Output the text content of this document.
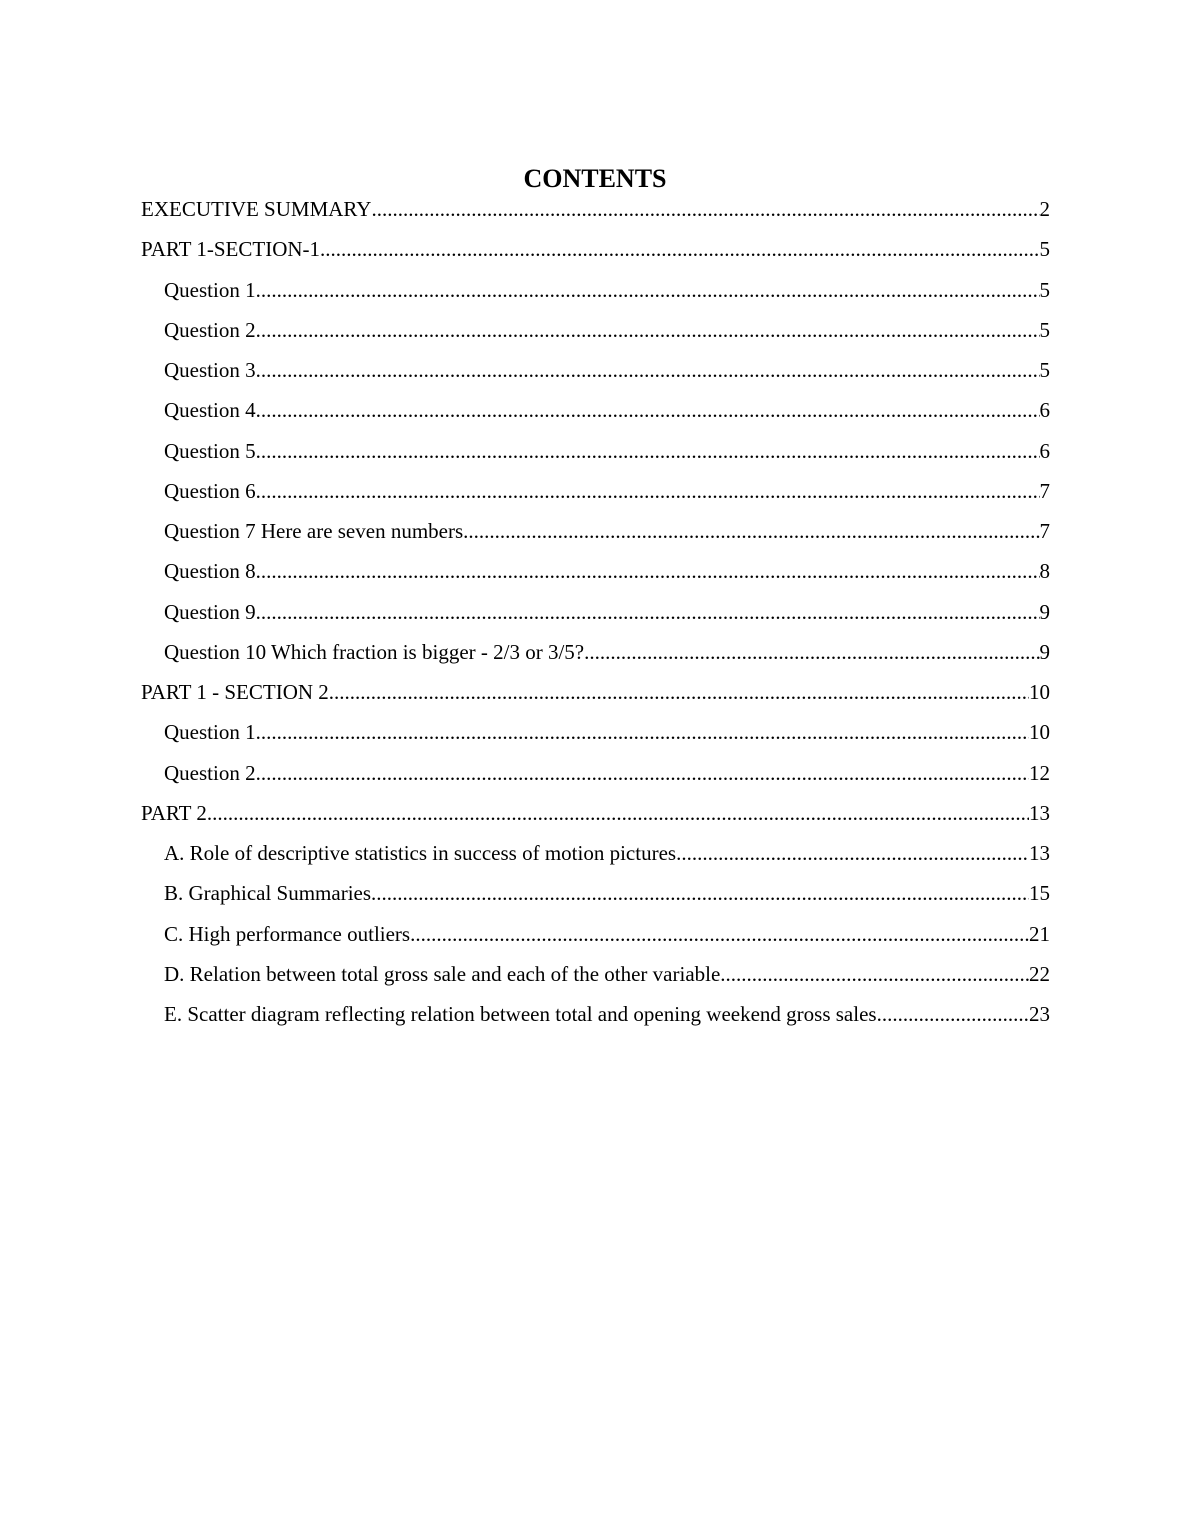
CONTENTS
EXECUTIVE SUMMARY .....	2
PART 1-SECTION-1 .....	5
Question 1 .....	5
Question 2 .....	5
Question 3 .....	5
Question 4 .....	6
Question 5 .....	6
Question 6 .....	7
Question 7 Here are seven numbers .....	7
Question 8 .....	8
Question 9 .....	9
Question 10 Which fraction is bigger - 2/3 or 3/5? .....	9
PART 1 - SECTION 2 .....	10
Question 1 .....	10
Question 2 .....	12
PART 2 .....	13
A. Role of descriptive statistics in success of motion pictures .....	13
B. Graphical Summaries .....	15
C. High performance outliers .....	21
D. Relation between total gross sale and each of the other variable .....	22
E. Scatter diagram reflecting relation between total and opening weekend gross sales .....	23
